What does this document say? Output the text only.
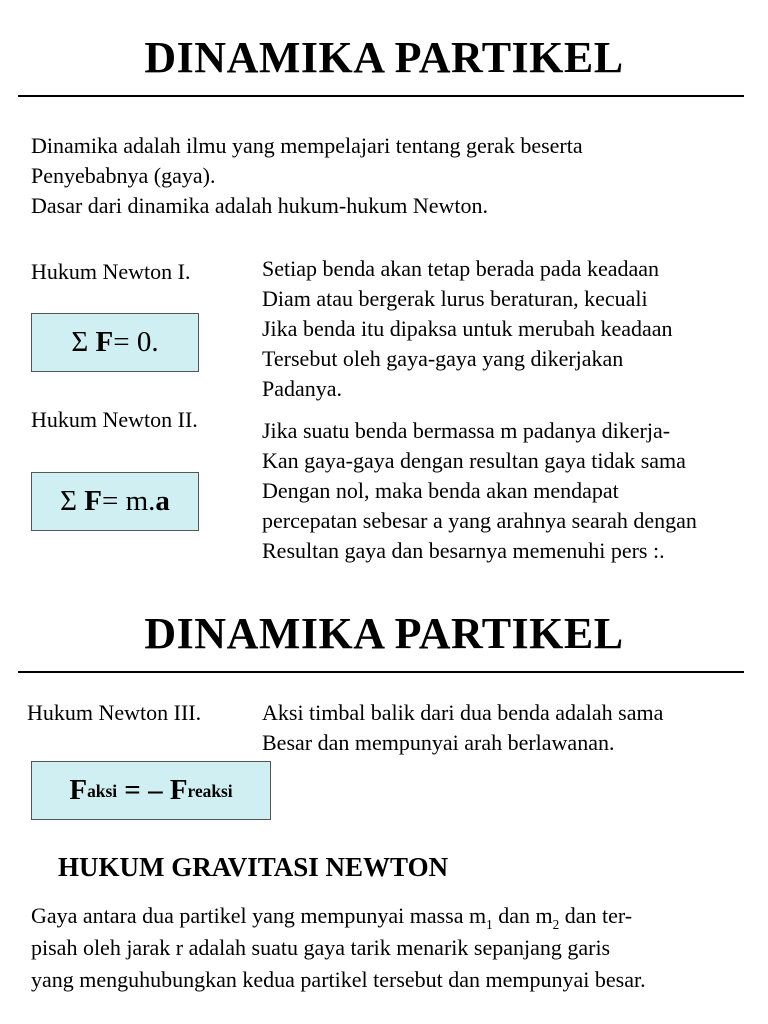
DINAMIKA PARTIKEL
Dinamika adalah ilmu yang mempelajari tentang gerak beserta
Penyebabnya (gaya).
Dasar dari dinamika adalah hukum-hukum Newton.
Hukum Newton I.
Σ
F = 0.
Setiap benda akan tetap berada pada keadaan
Diam atau bergerak lurus beraturan, kecuali
Jika benda itu dipaksa untuk merubah keadaan
Tersebut oleh gaya-gaya yang dikerjakan
Padanya.
Hukum Newton II.
Σ
F = m. a
Jika suatu benda bermassa m padanya dikerja-
Kan gaya-gaya dengan resultan gaya tidak sama
Dengan nol, maka benda akan mendapat
percepatan sebesar a yang arahnya searah dengan
Resultan gaya dan besarnya memenuhi pers :.
DINAMIKA PARTIKEL
Hukum Newton III.	Aksi timbal balik dari dua benda adalah sama
Besar dan mempunyai arah berlawanan.
F aksi = – F reaksi
HUKUM GRAVITASI NEWTON
Gaya antara dua partikel yang mempunyai massa $m_1$ dan $m_2$ dan ter-
pisah oleh jarak r adalah suatu gaya tarik menarik sepanjang garis
yang menguhubungkan kedua partikel tersebut dan mempunyai besar.
